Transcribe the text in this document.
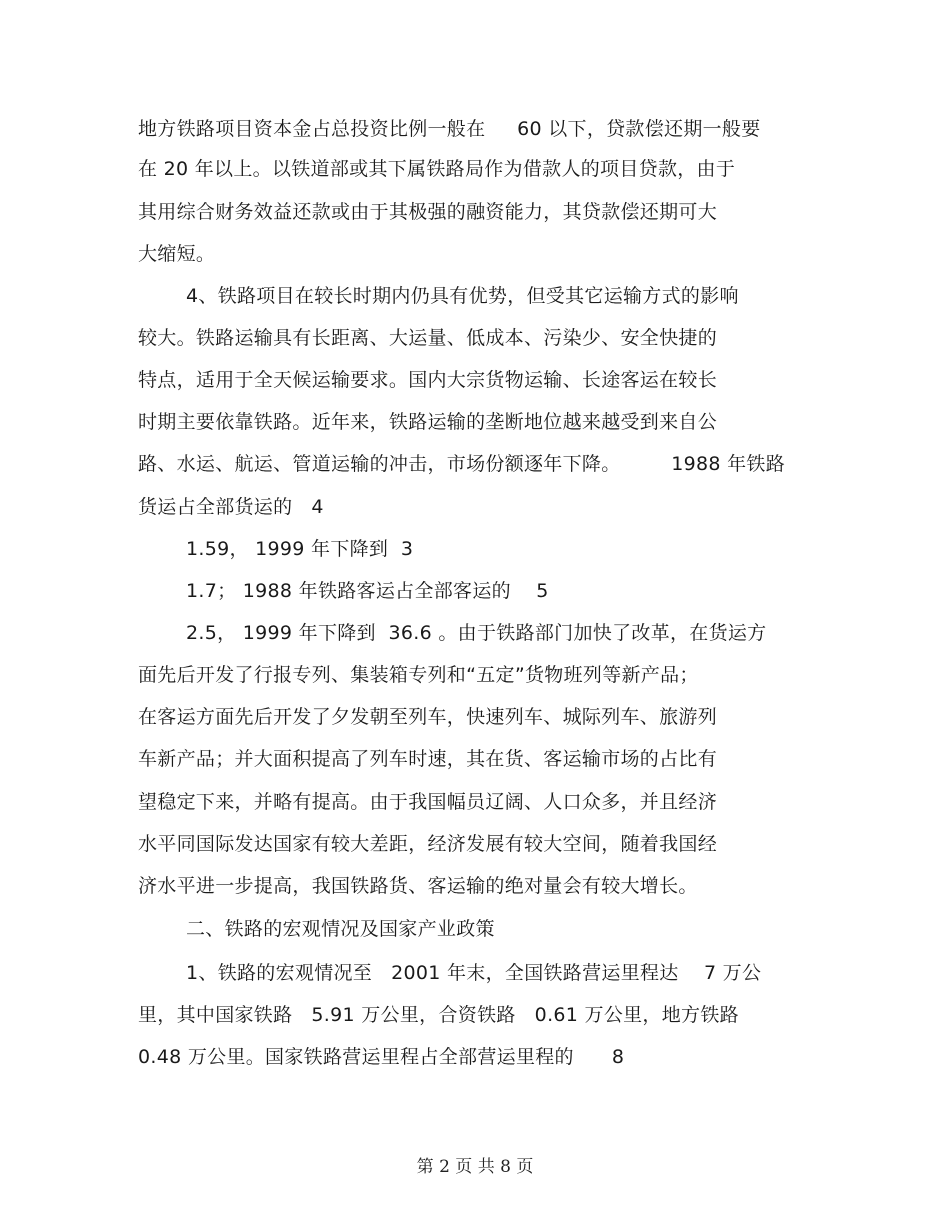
地方铁路项目资本金占总投资比例一般在     60 以下，贷款偿还期一般要
在 20 年以上。以铁道部或其下属铁路局作为借款人的项目贷款，由于
其用综合财务效益还款或由于其极强的融资能力，其贷款偿还期可大
大缩短。
4、铁路项目在较长时期内仍具有优势，但受其它运输方式的影响
较大。铁路运输具有长距离、大运量、低成本、污染少、安全快捷的
特点，适用于全天候运输要求。国内大宗货物运输、长途客运在较长
时期主要依靠铁路。近年来，铁路运输的垄断地位越来越受到来自公
路、水运、航运、管道运输的冲击，市场份额逐年下降。        1988 年铁路
货运占全部货运的   4
1.59， 1999 年下降到  3
1.7； 1988 年铁路客运占全部客运的    5
2.5， 1999 年下降到  36.6 。由于铁路部门加快了改革，在货运方
面先后开发了行报专列、集装箱专列和“五定”货物班列等新产品；
在客运方面先后开发了夕发朝至列车，快速列车、城际列车、旅游列
车新产品；并大面积提高了列车时速，其在货、客运输市场的占比有
望稳定下来，并略有提高。由于我国幅员辽阔、人口众多，并且经济
水平同国际发达国家有较大差距，经济发展有较大空间，随着我国经
济水平进一步提高，我国铁路货、客运输的绝对量会有较大增长。
二、铁路的宏观情况及国家产业政策
1、铁路的宏观情况至   2001 年末，全国铁路营运里程达    7 万公
里，其中国家铁路   5.91 万公里，合资铁路   0.61 万公里，地方铁路
0.48 万公里。国家铁路营运里程占全部营运里程的      8
第 2 页 共 8 页
